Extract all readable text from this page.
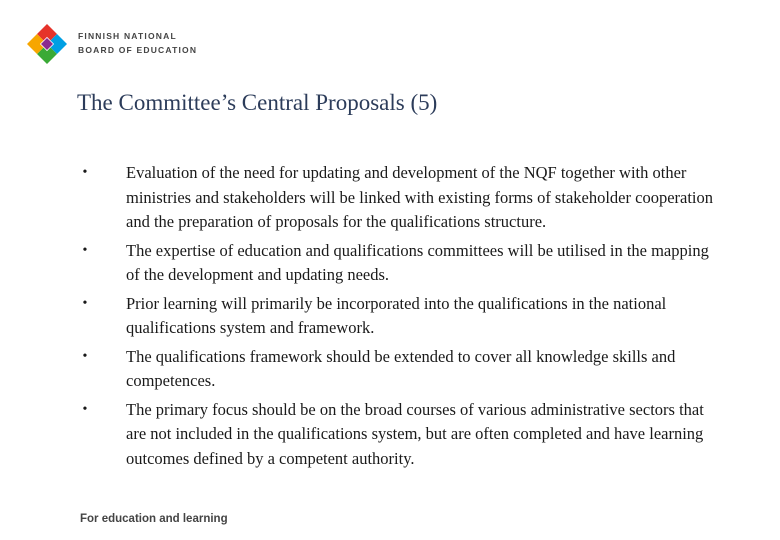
FINNISH NATIONAL
BOARD OF EDUCATION
The Committee’s Central Proposals (5)
• Evaluation of the need for updating and development of the NQF together with other ministries and stakeholders will be linked with existing forms of stakeholder cooperation and the preparation of proposals for the qualifications structure.
• The expertise of education and qualifications committees will be utilised in the mapping of the development and updating needs.
• Prior learning will primarily be incorporated into the qualifications in the national qualifications system and framework.
• The qualifications framework should be extended to cover all knowledge skills and competences.
• The primary focus should be on the broad courses of various administrative sectors that are not included in the qualifications system, but are often completed and have learning outcomes defined by a competent authority.
For education and learning
